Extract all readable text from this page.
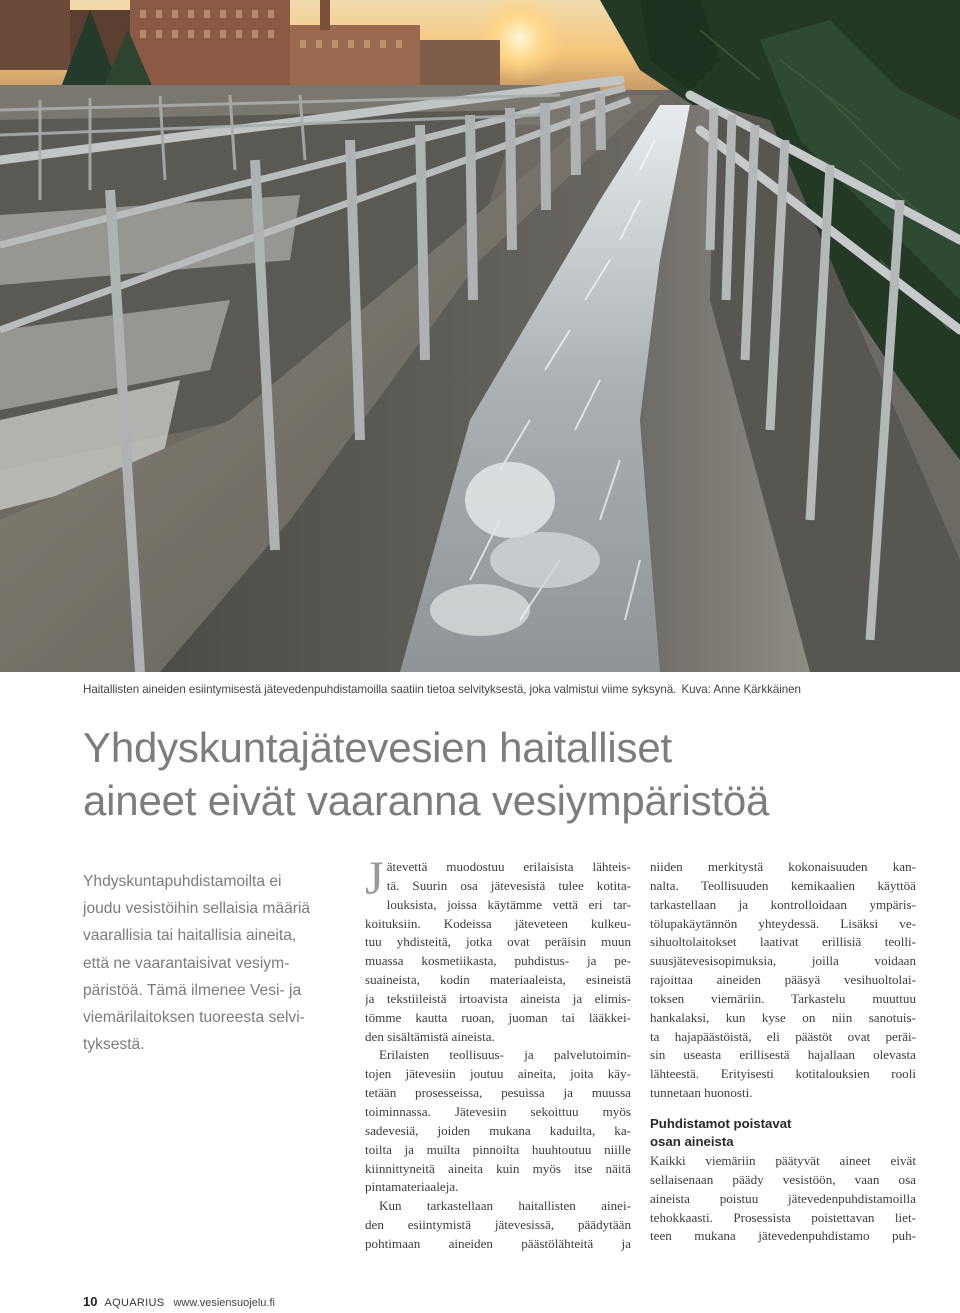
Haitallisten aineiden esiintymisestä jätevedenpuhdistamoilla saatiin tietoa selvityksestä, joka valmistui viime syksynä. Kuva: Anne Kärkkäinen
Yhdyskuntajätevesien haitalliset
aineet eivät vaaranna vesiympäristöä
Yhdyskuntapuhdistamoilta ei
joudu vesistöihin sellaisia määriä
vaarallisia tai haitallisia aineita,
että ne vaarantaisivat vesiym-
päristöä. Tämä ilmenee Vesi- ja
viemärilaitoksen tuoreesta selvi-
tyksestä.
J ätevettä muodostuu erilaisista lähteis-
tä. Suurin osa jätevesistä tulee kotita-
louksista, joissa käytämme vettä eri tar-
koituksiin. Kodeissa jäteveteen kulkeu-
tuu yhdisteitä, jotka ovat peräisin muun
muassa kosmetiikasta, puhdistus- ja pe-
suaineista, kodin materiaaleista, esineistä
ja tekstiileistä irtoavista aineista ja elimis-
tömme kautta ruoan, juoman tai lääkkei-
den sisältämistä aineista.
Erilaisten teollisuus- ja palvelutoimin-
tojen jätevesiin joutuu aineita, joita käy-
tetään prosesseissa, pesuissa ja muussa
toiminnassa. Jätevesiin sekoittuu myös
sadevesiä, joiden mukana kaduilta, ka-
toilta ja muilta pinnoilta huuhtoutuu niille
kiinnittyneitä aineita kuin myös itse näitä
pintamateriaaleja.
Kun tarkastellaan haitallisten ainei-
den esiintymistä jätevesissä, päädytään
pohtimaan aineiden päästölähteitä ja
niiden merkitystä kokonaisuuden kan-
nalta. Teollisuuden kemikaalien käyttöä
tarkastellaan ja kontrolloidaan ympäris-
tölupakäytännön yhteydessä. Lisäksi ve-
sihuoltolaitokset laativat erillisiä teolli-
suusjätevesisopimuksia, joilla voidaan
rajoittaa aineiden pääsyä vesihuoltolai-
toksen viemäriin. Tarkastelu muuttuu
hankalaksi, kun kyse on niin sanotuis-
ta hajapäästöistä, eli päästöt ovat peräi-
sin useasta erillisestä hajallaan olevasta
lähteestä. Erityisesti kotitalouksien rooli
tunnetaan huonosti.
Puhdistamot poistavat
osan aineista
Kaikki viemäriin päätyvät aineet eivät
sellaisenaan päädy vesistöön, vaan osa
aineista poistuu jätevedenpuhdistamoilla
tehokkaasti. Prosessista poistettavan liet-
teen mukana jätevedenpuhdistamo puh-
10 AQUARIUS www.vesiensuojelu.fi
